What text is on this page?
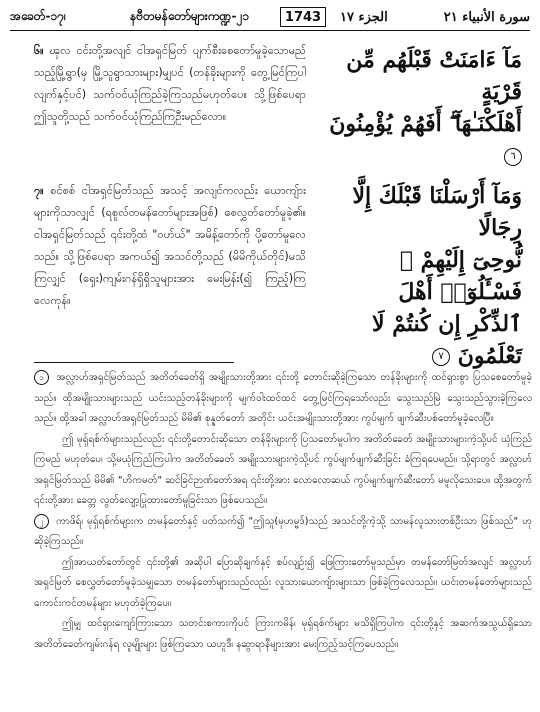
အခေတ်-၁၇၊	နဗီတမန်တော်များကဏ္ဍ-၂၁	1743	سورة الأنبياء ٢١
الجزء ١٧
၆။ ၾလ ငင်းတို့အလျင် ငါအရှင်မြတ် ပျက်စီးစေတော်မူခဲ့သောမည်သည့်မြို့ရွာ(မှ မြို့သူရွာသားများ)မျှပင် (တန်ခိုးများကို တွေ့မြင်ကြပါလျက်နှင့်ပင်) သက်ဝင်ယုံကြည်ခဲ့ကြသည်မဟုတ်ပေ။ သို့ဖြစ်ပေရာ ဤသူတို့သည် သက်ဝင်ယုံကြည်ကြဦးမည်လော။
مَآ ءَامَنَتْ قَبْلَهُم مِّن قَرْيَةٍ
أَهْلَكْنَـٰهَآ ۖ أَفَهُمْ يُؤْمِنُونَ ٦
၇။ စင်စစ် ငါအရှင်မြတ်သည် အသင့် အလျင်ကလည်း ယောကျ်ားများကိုသာလျှင် (ရစူလ်တမန်တော်များအဖြစ်) စေလွှတ်တော်မူခဲ့၏။ ငါအရှင်မြတ်သည် ၎င်းတို့ထံ "ဝဟ်ယ်" အမိန့်တော်ကို ပို့တော်မူလေသည်။ သို့ဖြစ်ပေရာ အကယ်၍ အသင်တို့သည် (မိမိကိုယ်တိုင်)မသိကြလျှင် (ရှေး)ကျမ်းဂန်ရှိရှိသူများအား မေးမြန်း(၍ ကြည့်)ကြလေကုန်။
وَمَآ أَرْسَلْنَا قَبْلَكَ إِلَّا رِجَالًا
نُّوحِىٓ إِلَيْهِمْ ۖ فَسْـَٔلُوٓا۟ أَهْلَ
ٱلذِّكْرِ إِن كُنتُمْ لَا تَعْلَمُونَ ٧

၁ အလ္လာဟ်အရှင်မြတ်သည် အတိတ်ခေတ်ရှိ အမျိုးသားတို့အား ၎င်းတို့ တောင်းဆိုခဲ့ကြသော တန်ခိုးများကို ထင်ရှားစွာ ပြသစေတော်မူခဲ့သည်။ ထိုအမျိုးသားများသည် ယင်းသည့်တန်ခိုးများကို မျက်ဝါးထင်ထင် တွေ့မြင်ကြရသော်လည်း သွေးသည်မြဲ သွေးသည်သွားခဲ့ကြလေသည်။ ထို့အခါ အလ္လာဟ်အရှင်မြတ်သည် မိမိ၏ စုန္နတ်တော် အတိုင်း ယင်းအမျိုးသားတို့အား ကွပ်မျက် ဖျက်ဆီးပစ်တော်မူခဲ့လေပြီ။

ဤ မုရှ်ရစ်က်များသည်လည်း ၎င်းတို့တောင်းဆိုသော တန်ခိုးများကို ပြသတော်မူပါက အတိတ်ခေတ် အမျိုးသားများကဲ့သို့ပင် ယုံကြည်ကြမည် မဟုတ်ပေ၊ သို့မယုံကြည်ကြပါက အတိတ်ခေတ် အမျိုးသားများကဲ့သို့ပင် ကွပ်မျက်ဖျက်ဆီးခြင်း ခံကြရပေမည်။ သို့ရာတွင် အလ္လာဟ်အရှင်မြတ်သည် မိမိ၏ "ဟိကမတ်" ဆင်ခြင်ဉာဏ်တော်အရ ၎င်းတို့အား လောလောဆယ် ကွပ်မျက်ဖျက်ဆီးတော် မမူလိုသေးပေ။ ထို့အတွက် ၎င်းတို့အား ခေတ္တ လွတ်လျော့ပြုထားတော်မူခြင်းသာ ဖြစ်ပေသည်။

၂ ကာဖိရ်၊ မုရှ်ရစ်က်များက တမန်တော်နှင့် ပတ်သက်၍ "ဤသူ(မုဟမ္မဒ်)သည် အသင်တို့ကဲ့သို့ သာမန်လူသားတစ်ဦးသာ ဖြစ်သည်" ဟု ဆိုခဲ့ကြသည်။

ဤအာယတ်တော်တွင် ၎င်းတို့၏ အဆိုပါ ပြောဆိုချက်နှင့် စပ်လျဉ်း၍ ဖြေကြားတော်မူသည်မှာ တမန်တော်မြတ်အလျင် အလ္လာဟ်အရှင်မြတ် စေလွှတ်တော်မူခဲ့သမျှသော တမန်တော်များသည်လည်း လူသားယောကျ်ားများသာ ဖြစ်ခဲ့ကြလေသည်။ ယင်းတမန်တော်များသည် ကောင်းကင်တမန်များ မဟုတ်ခဲ့ကြပေ။

ဤမျှ ထင်ရှားကျော်ကြားသော သတင်းစကားကိုပင် ကြားကမိန်၊ မုရှ်ရစ်က်များ မသိရှိကြပါက ၎င်းတို့နှင့် အဆက်အသွယ်ရှိသော အတိတ်ခေတ်ကျမ်းဂန်ရ လူမျိုးများ ဖြစ်ကြသော ယဟူဒီ၊ နဆွာရာနီများအား မေးကြည့်သင့်ကြပေသည်။
